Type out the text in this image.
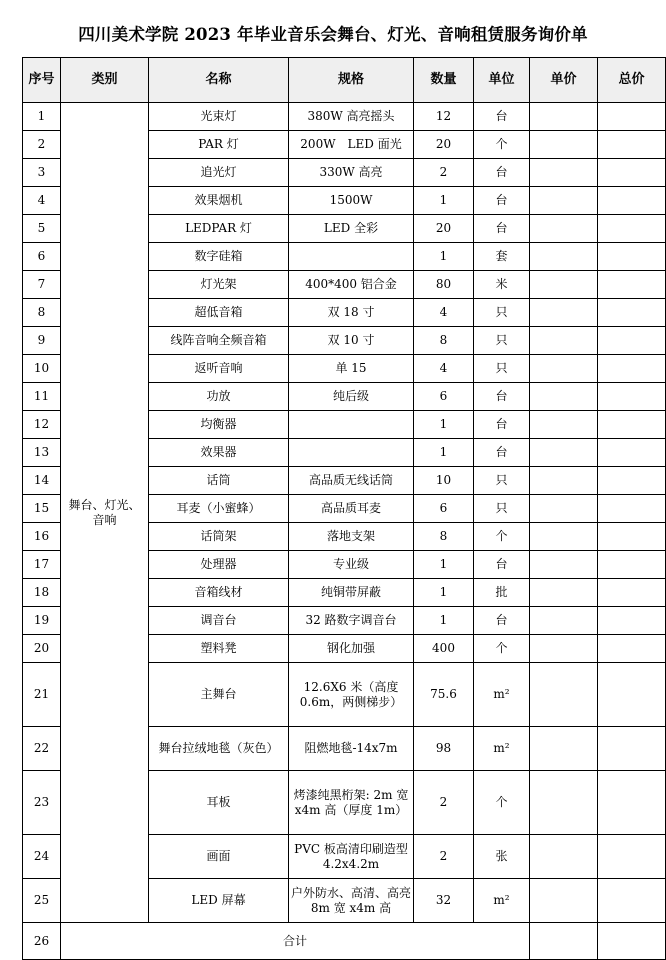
四川美术学院 2023 年毕业音乐会舞台、灯光、音响租赁服务询价单
序号	类别	名称	规格	数量	单位	单价	总价
1	舞台、灯光、音响	光束灯	380W 高亮摇头	12	台		
2		PAR 灯	200W　LED 面光	20	个		
3		追光灯	330W 高亮	2	台		
4		效果烟机	1500W	1	台		
5		LEDPAR 灯	LED 全彩	20	台		
6		数字硅箱		1	套		
7		灯光架	400*400 铝合金	80	米		
8		超低音箱	双 18 寸	4	只		
9		线阵音响全频音箱	双 10 寸	8	只		
10		返听音响	单 15	4	只		
11		功放	纯后级	6	台		
12		均衡器		1	台		
13		效果器		1	台		
14		话筒	高品质无线话筒	10	只		
15		耳麦（小蜜蜂）	高品质耳麦	6	只		
16		话筒架	落地支架	8	个		
17		处理器	专业级	1	台		
18		音箱线材	纯铜带屏蔽	1	批		
19		调音台	32 路数字调音台	1	台		
20		塑料凳	钢化加强	400	个		
21		主舞台	12.6X6 米（高度 0.6m，两侧梯步）	75.6	m²		
22		舞台拉绒地毯（灰色）	阻燃地毯-14x7m	98	m²		
23		耳板	烤漆纯黑桁架: 2m 宽 x4m 高（厚度 1m）	2	个		
24		画面	PVC 板高清印刷造型 4.2x4.2m	2	张		
25		LED 屏幕	户外防水、高清、高亮 8m 宽 x4m 高	32	m²		
26	合计						
